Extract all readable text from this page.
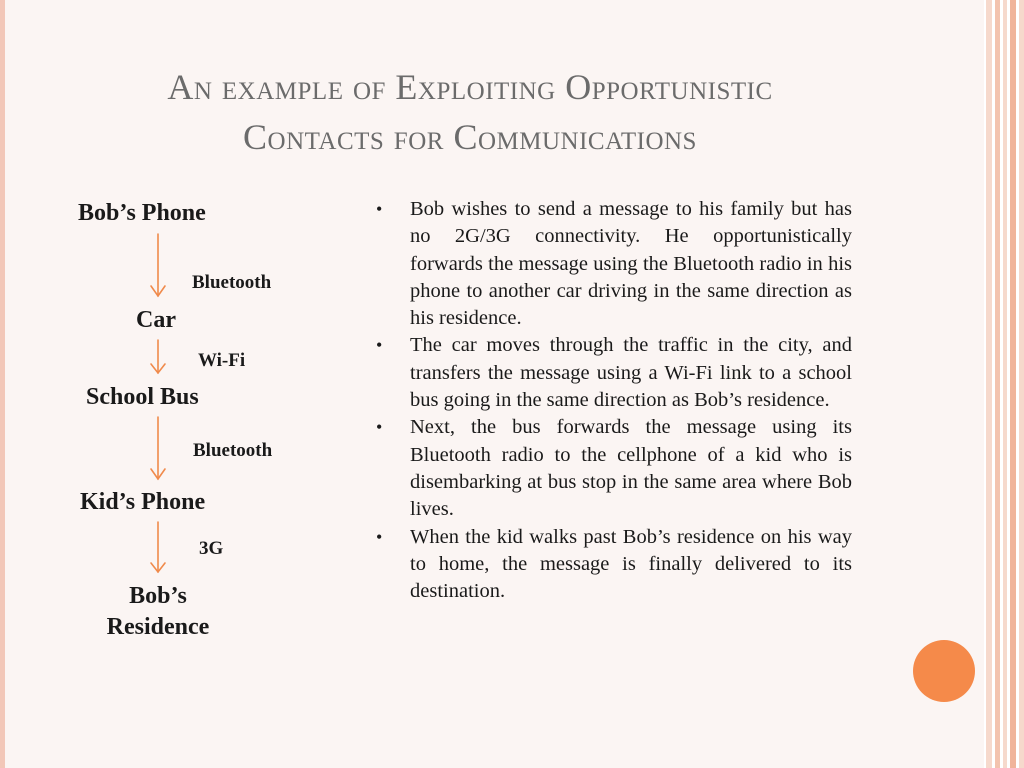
An example of Exploiting Opportunistic
Contacts for Communications
Bob’s Phone
Bluetooth
Car
Wi-Fi
School Bus
Bluetooth
Kid’s Phone
3G
Bob’s
Residence
• Bob wishes to send a message to his family but has no 2G/3G connectivity. He opportunistically forwards the message using the Bluetooth radio in his phone to another car driving in the same direction as his residence.
• The car moves through the traffic in the city, and transfers the message using a Wi-Fi link to a school bus going in the same direction as Bob’s residence.
• Next, the bus forwards the message using its Bluetooth radio to the cellphone of a kid who is disembarking at bus stop in the same area where Bob lives.
• When the kid walks past Bob’s residence on his way to home, the message is finally delivered to its destination.
